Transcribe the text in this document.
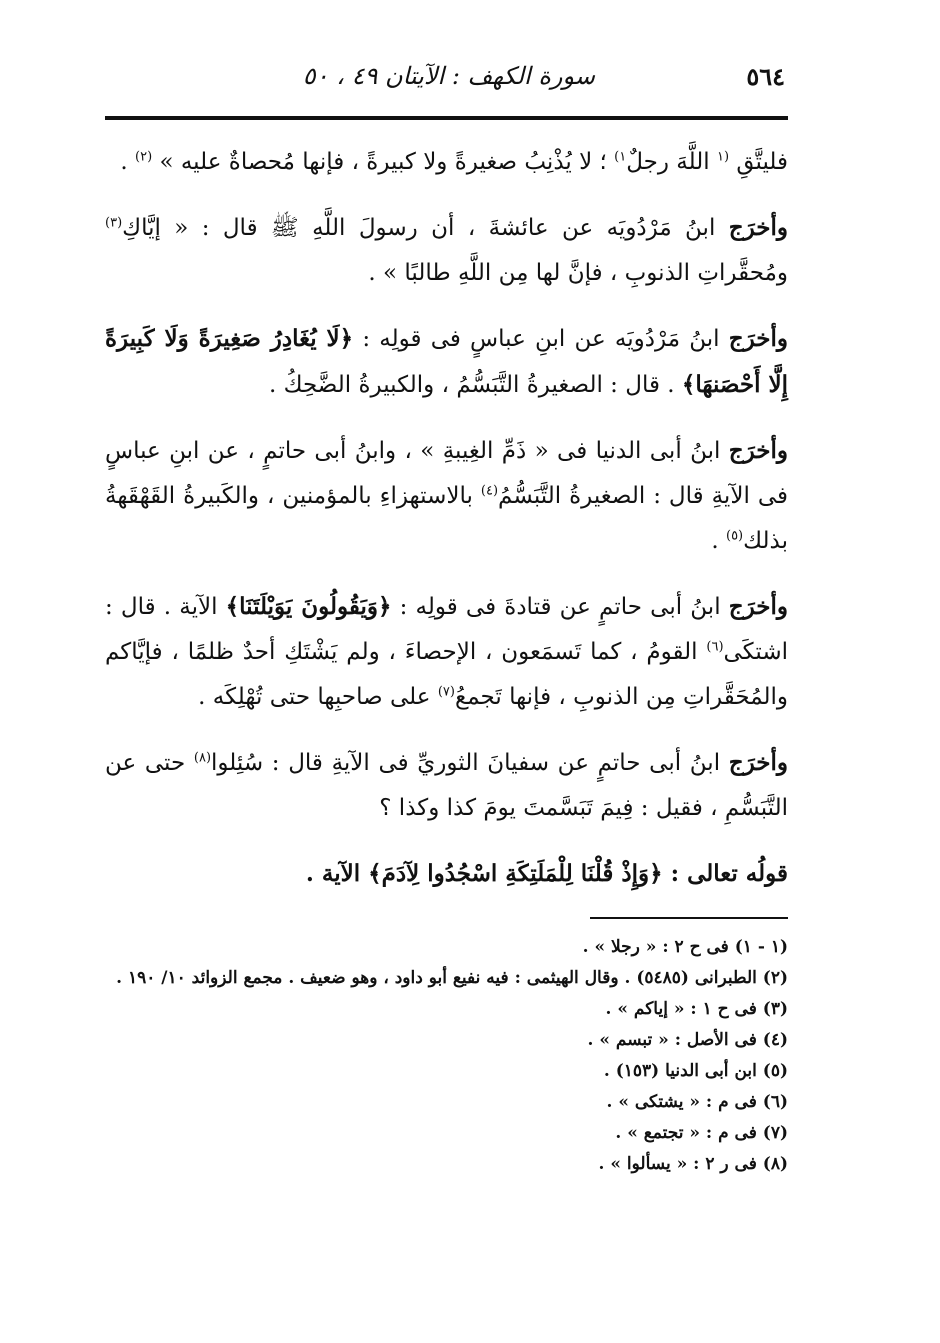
٥٦٤
سورة الكهف : الآيتان ٤٩ ، ٥٠

فليتَّقِ $^{(١}$ اللَّهَ رجلٌ$^{١)}$ ؛ لا يُذْنِبُ صغيرةً ولا كبيرةً ، فإنها مُحصاةٌ عليه » $^{(٢)}$ .

وأخرَج ابنُ مَرْدُويَه عن عائشةَ ، أن رسولَ اللَّهِ ﷺ قال : « إيَّاكِ$^{(٣)}$ ومُحقَّراتِ الذنوبِ ، فإنَّ لها مِن اللَّهِ طالبًا » .

وأخرَج ابنُ مَرْدُويَه عن ابنِ عباسٍ فى قولِه : ﴿لَا يُغَادِرُ صَغِيرَةً وَلَا كَبِيرَةً إِلَّا أَحْصَنهَا﴾ . قال : الصغيرةُ التَّبَسُّمُ ، والكبيرةُ الضَّحِكُ .

وأخرَج ابنُ أبى الدنيا فى « ذَمِّ الغِيبةِ » ، وابنُ أبى حاتمٍ ، عن ابنِ عباسٍ فى الآيةِ قال : الصغيرةُ التَّبَسُّمُ$^{(٤)}$ بالاستهزاءِ بالمؤمنين ، والكَبيرةُ القَهْقَهةُ بذلك$^{(٥)}$ .

وأخرَج ابنُ أبى حاتمٍ عن قتادةَ فى قولِه : ﴿وَيَقُولُونَ يَوَيْلَتَنَا﴾ الآية . قال : اشتكَى$^{(٦)}$ القومُ ، كما تَسمَعون ، الإحصاءَ ، ولم يَشْتَكِ أحدٌ ظلمًا ، فإيَّاكم والمُحَقَّراتِ مِن الذنوبِ ، فإنها تَجمعُ$^{(٧)}$ على صاحبِها حتى تُهْلِكَه .

وأخرَج ابنُ أبى حاتمٍ عن سفيانَ الثوريِّ فى الآيةِ قال : سُئِلوا$^{(٨)}$ حتى عن التَّبَسُّمِ ، فقيل : فِيمَ تَبَسَّمتَ يومَ كذا وكذا ؟

قولُه تعالى : ﴿وَإِذْ قُلْنَا لِلْمَلَتِكَةِ اسْجُدُوا لِآدَمَ﴾ الآية .

(١ - ١) فى ح ٢ : « رجلا » .

(٢) الطبرانى (٥٤٨٥) . وقال الهيثمى : فيه نفيع أبو داود ، وهو ضعيف . مجمع الزوائد ١٠/ ١٩٠ .

(٣) فى ح ١ : « إياكم » .

(٤) فى الأصل : « تبسم » .

(٥) ابن أبى الدنيا (١٥٣) .

(٦) فى م : « يشتكى » .

(٧) فى م : « تجتمع » .

(٨) فى ر ٢ : « يسألوا » .
